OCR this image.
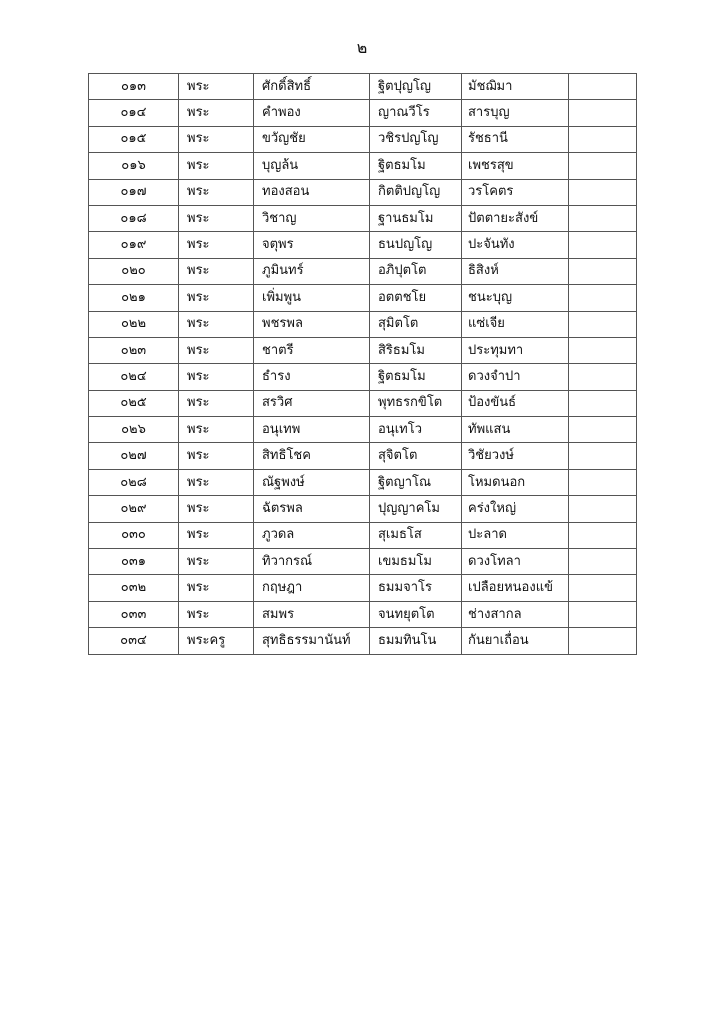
๒
๐๑๓	พระ	ศักดิ์สิทธิ์	ฐิตปุญโญ	มัชฌิมา	
๐๑๔	พระ	คำพอง	ญาณวีโร	สารบุญ	
๐๑๕	พระ	ขวัญชัย	วชิรปญโญ	รัชธานี	
๐๑๖	พระ	บุญล้น	ฐิตธมโม	เพชรสุข	
๐๑๗	พระ	ทองสอน	กิตติปญโญ	วรโคตร	
๐๑๘	พระ	วิชาญ	ฐานธมโม	ปัตตายะสังข์	
๐๑๙	พระ	จตุพร	ธนปญโญ	ปะจันทัง	
๐๒๐	พระ	ภูมินทร์	อภิปุตโต	ธิสิงห์	
๐๒๑	พระ	เพิ่มพูน	อตตชโย	ชนะบุญ	
๐๒๒	พระ	พชรพล	สุมิตโต	แซ่เจีย	
๐๒๓	พระ	ชาตรี	สิริธมโม	ประทุมทา	
๐๒๔	พระ	ธำรง	ฐิตธมโม	ดวงจำปา	
๐๒๕	พระ	สรวิศ	พุทธรกขิโต	ป้องขันธ์	
๐๒๖	พระ	อนุเทพ	อนุเทโว	ทัพแสน	
๐๒๗	พระ	สิทธิโชค	สุจิตโต	วิชัยวงษ์	
๐๒๘	พระ	ณัฐพงษ์	ฐิตญาโณ	โหมดนอก	
๐๒๙	พระ	ฉัตรพล	ปุญญาคโม	คร่งใหญ่	
๐๓๐	พระ	ภูวดล	สุเมธโส	ปะลาด	
๐๓๑	พระ	ทิวากรณ์	เขมธมโม	ดวงโทลา	
๐๓๒	พระ	กฤษฎา	ธมมจาโร	เปลือยหนองแข้	
๐๓๓	พระ	สมพร	จนทยุตโต	ช่างสากล	
๐๓๔	พระครู	สุทธิธรรมานันท์	ธมมทินโน	กันยาเถื่อน	
